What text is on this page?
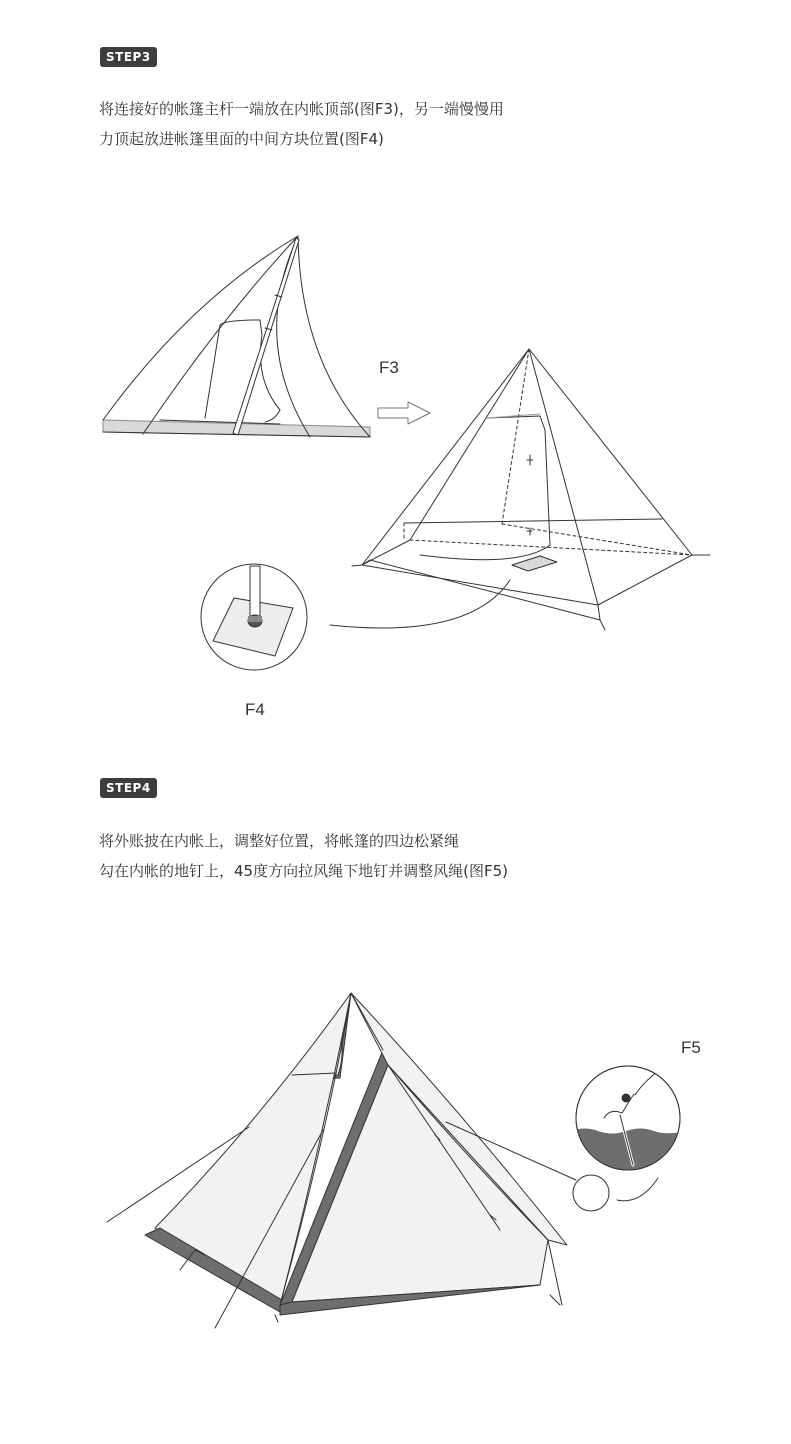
STEP3
将连接好的帐篷主杆一端放在内帐顶部(图F3)，另一端慢慢用
力顶起放进帐篷里面的中间方块位置(图F4)
F3
F4
STEP4
将外账披在内帐上，调整好位置，将帐篷的四边松紧绳
勾在内帐的地钉上，45度方向拉风绳下地钉并调整风绳(图F5)
F5
